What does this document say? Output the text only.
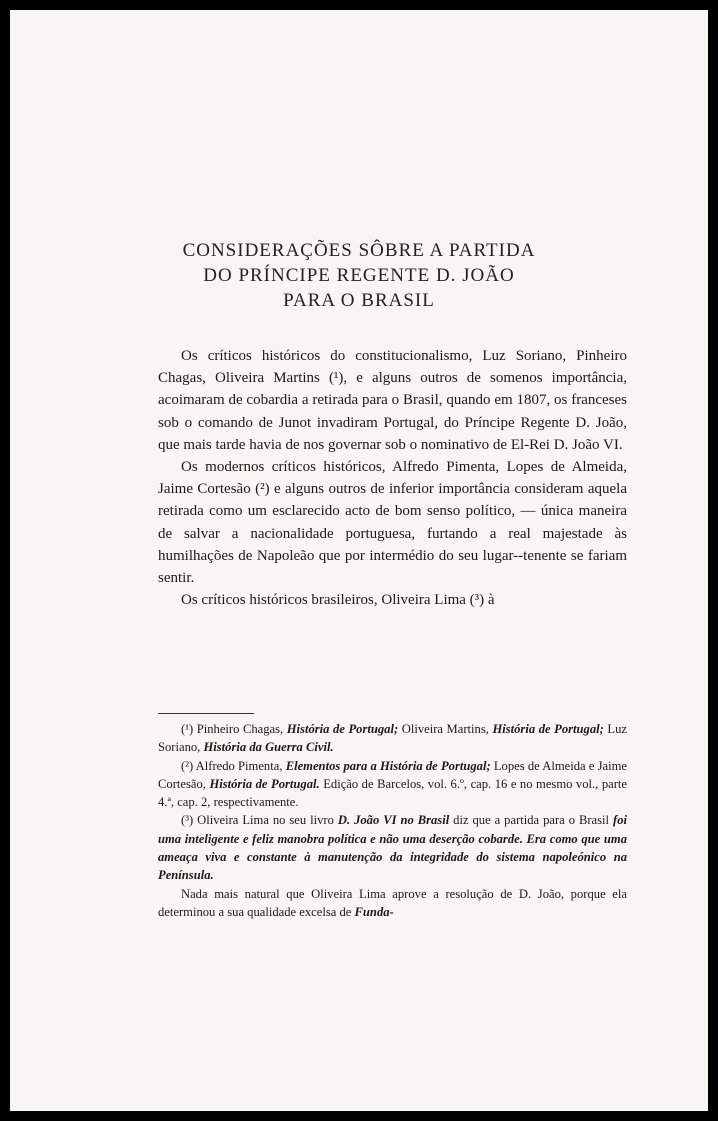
CONSIDERAÇÕES SÔBRE A PARTIDA
DO PRÍNCIPE REGENTE D. JOÃO
PARA O BRASIL

Os críticos históricos do constitucionalismo, Luz Soriano, Pinheiro Chagas, Oliveira Martins (¹), e alguns outros de somenos importância, acoimaram de cobardia a retirada para o Brasil, quando em 1807, os franceses sob o comando de Junot invadiram Portugal, do Príncipe Regente D. João, que mais tarde havia de nos governar sob o nominativo de El-Rei D. João VI.

Os modernos críticos históricos, Alfredo Pimenta, Lopes de Almeida, Jaime Cortesão (²) e alguns outros de inferior importância consideram aquela retirada como um esclarecido acto de bom senso político, — única maneira de salvar a nacionalidade portuguesa, furtando a real majestade às humilhações de Napoleão que por intermédio do seu lugar--tenente se fariam sentir.

Os críticos históricos brasileiros, Oliveira Lima (³) à

(¹) Pinheiro Chagas, História de Portugal; Oliveira Martins, História de Portugal; Luz Soriano, História da Guerra Civil.

(²) Alfredo Pimenta, Elementos para a História de Portugal; Lopes de Almeida e Jaime Cortesão, História de Portugal. Edição de Barcelos, vol. 6.º, cap. 16 e no mesmo vol., parte 4.ª, cap. 2, respectivamente.

(³) Oliveira Lima no seu livro D. João VI no Brasil diz que a partida para o Brasil foi uma inteligente e feliz manobra política e não uma deserção cobarde. Era como que uma ameaça viva e constante à manutenção da integridade do sistema napoleónico na Península.

Nada mais natural que Oliveira Lima aprove a resolução de D. João, porque ela determinou a sua qualidade excelsa de Funda-
